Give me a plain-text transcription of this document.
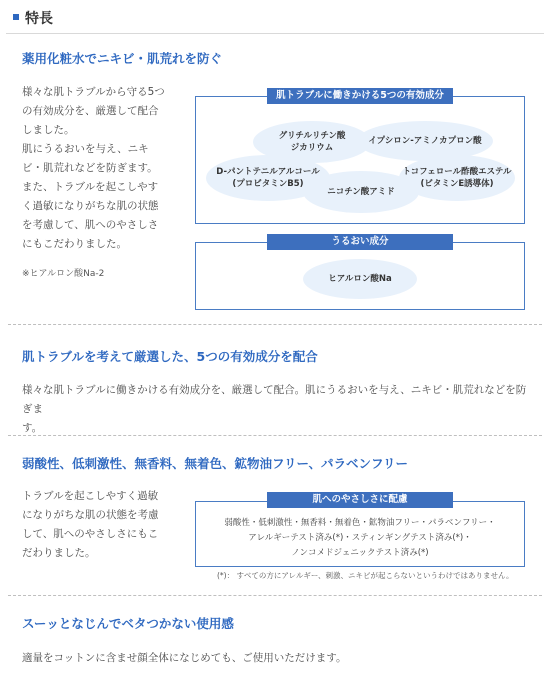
特長
薬用化粧水でニキビ・肌荒れを防ぐ
様々な肌トラブルから守る5つ
の有効成分を、厳選して配合
しました。
肌にうるおいを与え、ニキ
ビ・肌荒れなどを防ぎます。
また、トラブルを起こしやす
く過敏になりがちな肌の状態
を考慮して、肌へのやさしさ
にもこだわりました。
※ヒアルロン酸Na-2
肌トラブルに働きかける5つの有効成分
グリチルリチン酸
ジカリウム
イプシロン-アミノカプロン酸
D-パントテニルアルコール
(プロビタミンB5)
トコフェロール酢酸エステル
(ビタミンE誘導体)
ニコチン酸アミド
うるおい成分
ヒアルロン酸Na
肌トラブルを考えて厳選した、5つの有効成分を配合
様々な肌トラブルに働きかける有効成分を、厳選して配合。肌にうるおいを与え、ニキビ・肌荒れなどを防ぎま
す。
弱酸性、低刺激性、無香料、無着色、鉱物油フリー、パラベンフリー
トラブルを起こしやすく過敏
になりがちな肌の状態を考慮
して、肌へのやさしさにもこ
だわりました。
肌へのやさしさに配慮
弱酸性・低刺激性・無香料・無着色・鉱物油フリー・パラベンフリー・
アレルギーテスト済み(*)・スティンギングテスト済み(*)・
ノンコメドジェニックテスト済み(*)
(*)： すべての方にアレルギー、刺激、ニキビが起こらないというわけではありません。
スーッとなじんでベタつかない使用感
適量をコットンに含ませ顔全体になじめても、ご使用いただけます。
